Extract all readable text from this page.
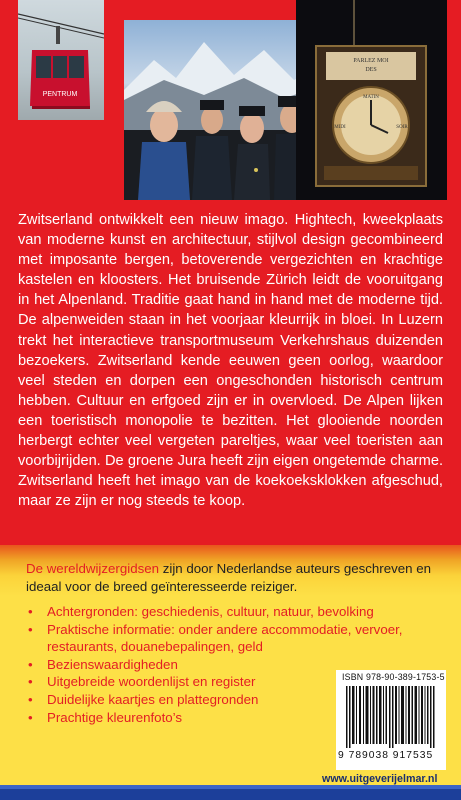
PENTRUM
PARLEZ MOI
DES
MATIN
MIDI	SOIR

Zwitserland ontwikkelt een nieuw imago. Hightech, kweekplaats van moderne kunst en architectuur, stijlvol design gecombineerd met imposante bergen, betoverende vergezichten en krachtige kastelen en kloosters. Het bruisende Zürich leidt de vooruitgang in het Alpenland. Traditie gaat hand in hand met de moderne tijd. De alpenweiden staan in het voorjaar kleurrijk in bloei. In Luzern trekt het interactieve transportmuseum Verkehrshaus duizenden bezoekers. Zwitserland kende eeuwen geen oorlog, waardoor veel steden en dorpen een ongeschonden historisch centrum hebben. Cultuur en erfgoed zijn er in overvloed. De Alpen lijken een toeristisch monopolie te bezitten. Het glooiende noorden herbergt echter veel vergeten pareltjes, waar veel toeristen aan voorbijrijden. De groene Jura heeft zijn eigen ongetemde charme. Zwitserland heeft het imago van de koekoeksklokken afgeschud, maar ze zijn er nog steeds te koop.

De wereldwijzergidsen zijn door Nederlandse auteurs geschreven en ideaal voor de breed geïnteresseerde reiziger.
• Achtergronden: geschiedenis, cultuur, natuur, bevolking
• Praktische informatie: onder andere accommodatie, vervoer, restaurants, douanebepalingen, geld
• Bezienswaardigheden
• Uitgebreide woordenlijst en register
• Duidelijke kaartjes en plattegronden
• Prachtige kleurenfoto’s
ISBN 978-90-389-1753-5
9 789038 917535
www.uitgeverijelmar.nl
